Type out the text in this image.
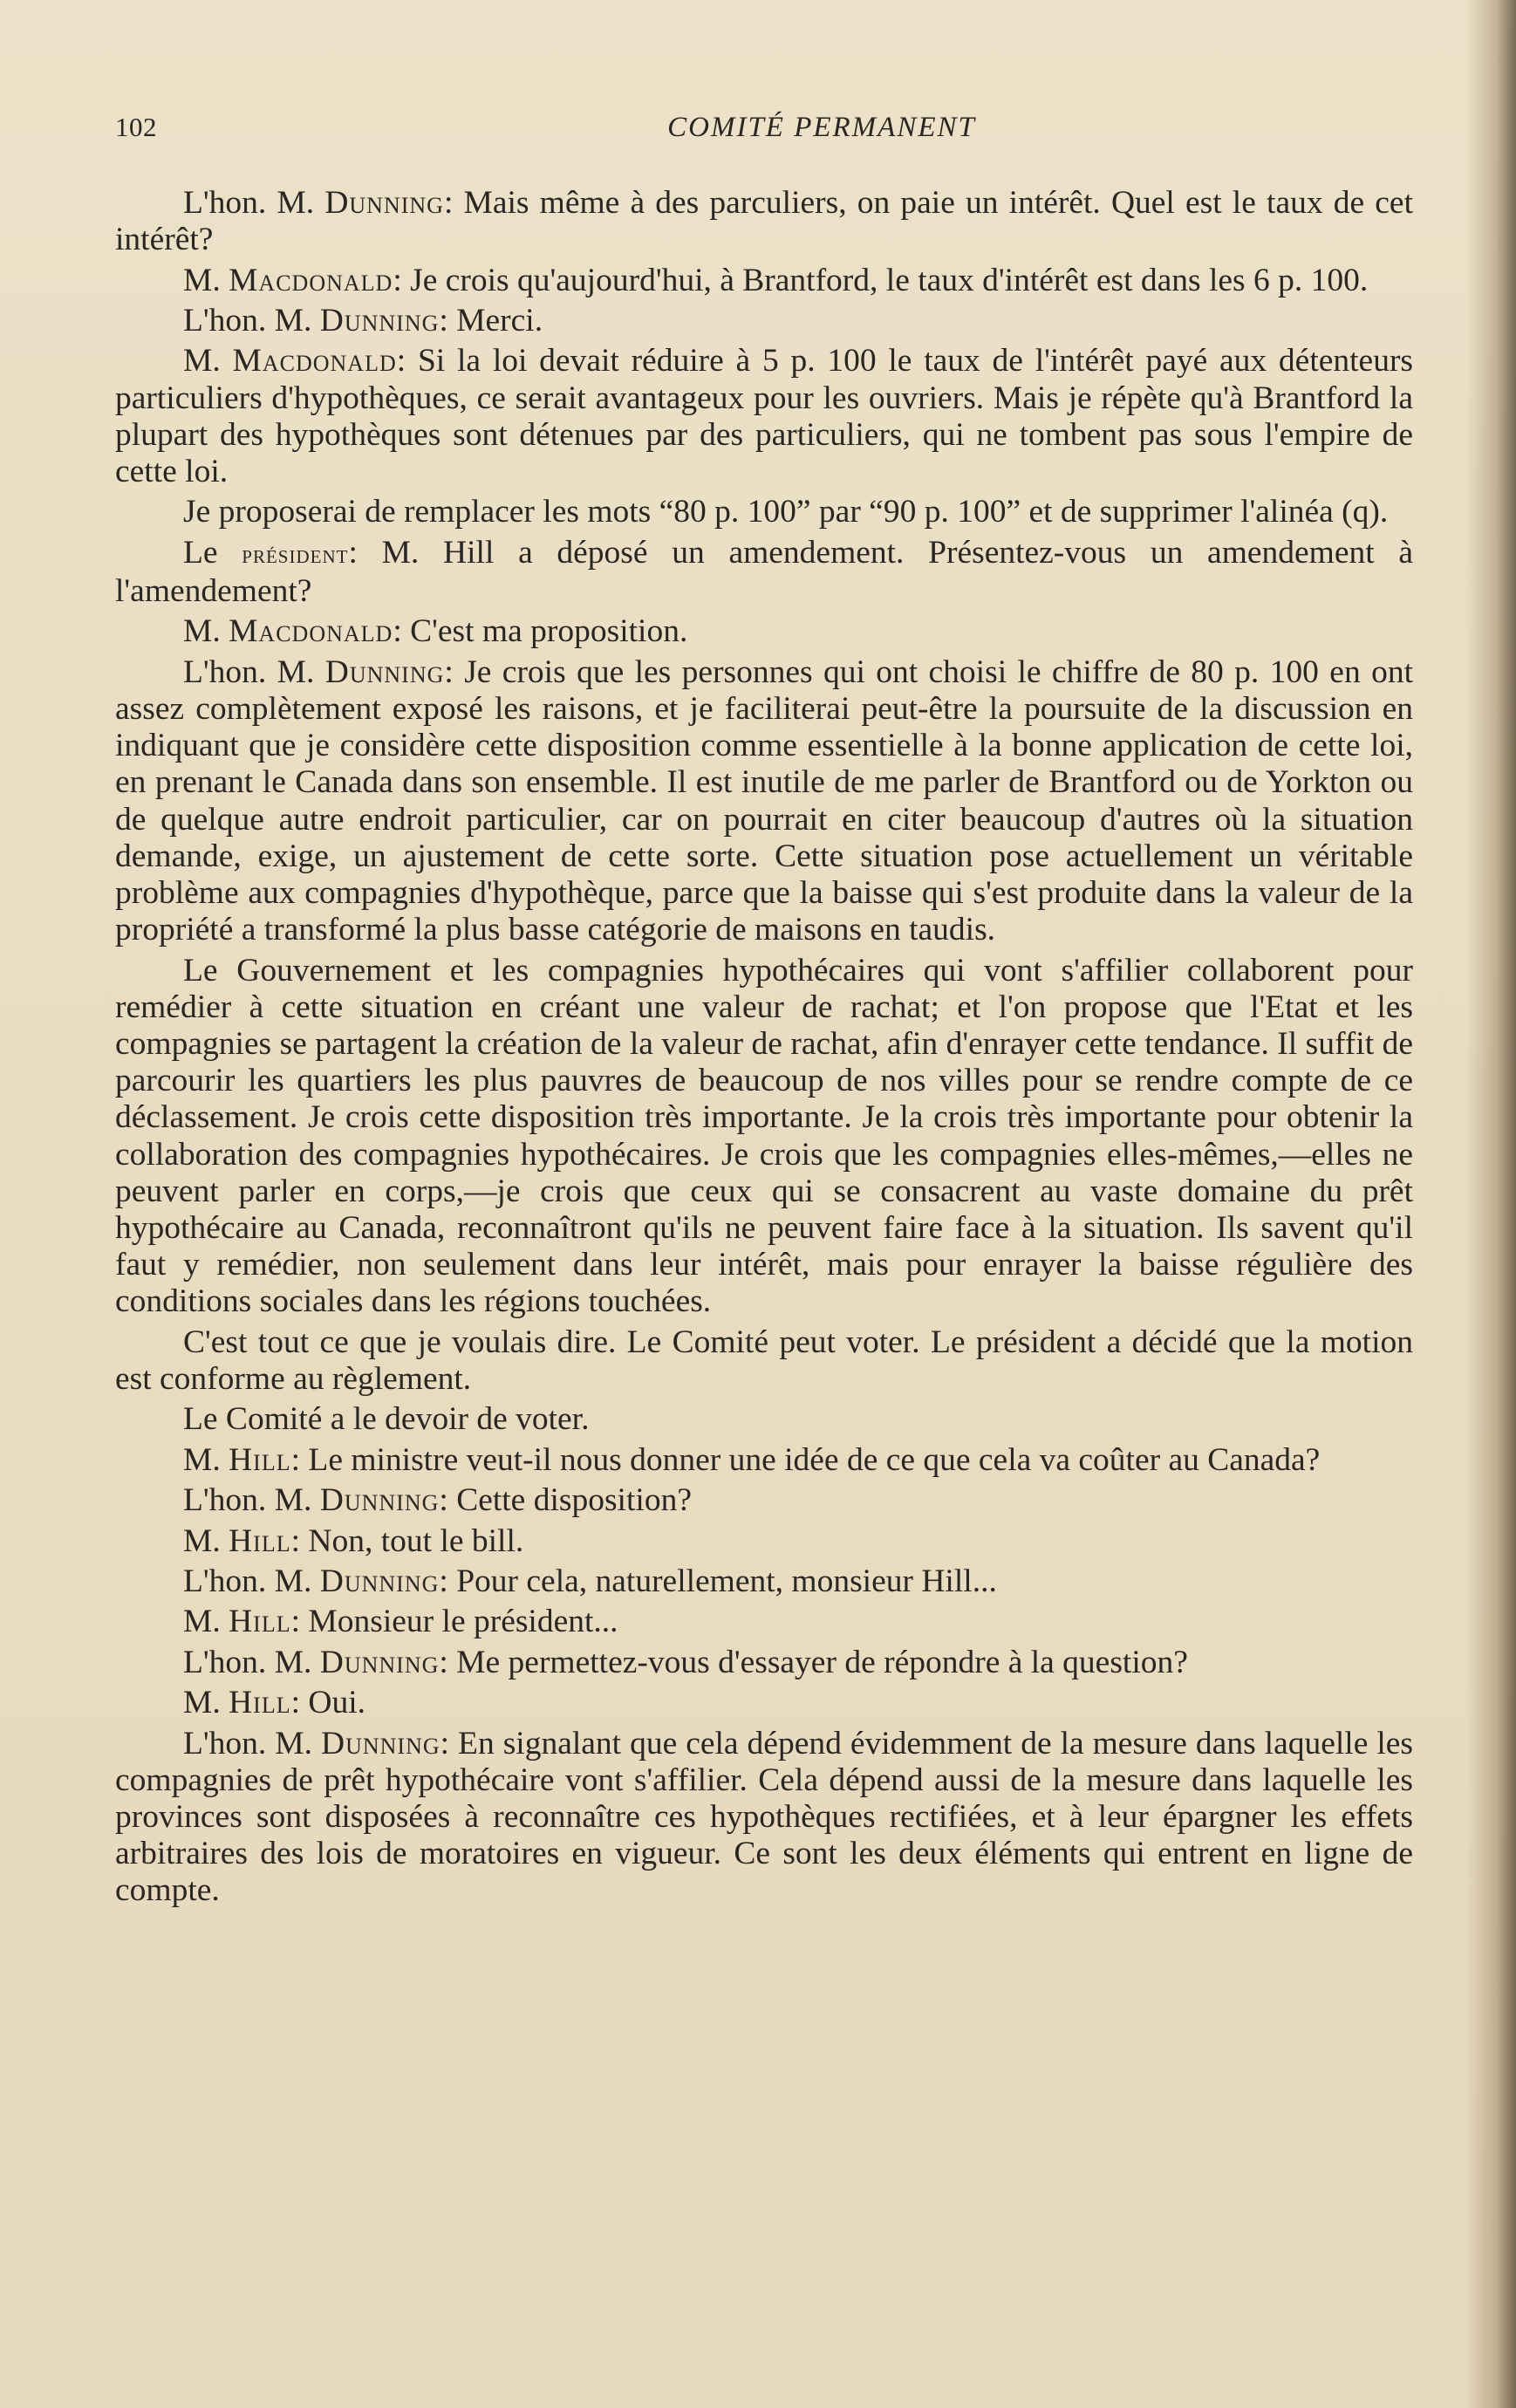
102	COMITÉ PERMANENT

L'hon. M. Dunning: Mais même à des parculiers, on paie un intérêt. Quel est le taux de cet intérêt?

M. Macdonald: Je crois qu'aujourd'hui, à Brantford, le taux d'intérêt est dans les 6 p. 100.

L'hon. M. Dunning: Merci.

M. Macdonald: Si la loi devait réduire à 5 p. 100 le taux de l'intérêt payé aux détenteurs particuliers d'hypothèques, ce serait avantageux pour les ouvriers. Mais je répète qu'à Brantford la plupart des hypothèques sont détenues par des particuliers, qui ne tombent pas sous l'empire de cette loi.

Je proposerai de remplacer les mots “80 p. 100” par “90 p. 100” et de supprimer l'alinéa (q).

Le président: M. Hill a déposé un amendement. Présentez-vous un amendement à l'amendement?

M. Macdonald: C'est ma proposition.

L'hon. M. Dunning: Je crois que les personnes qui ont choisi le chiffre de 80 p. 100 en ont assez complètement exposé les raisons, et je faciliterai peut-être la poursuite de la discussion en indiquant que je considère cette disposition comme essentielle à la bonne application de cette loi, en prenant le Canada dans son ensemble. Il est inutile de me parler de Brantford ou de Yorkton ou de quelque autre endroit particulier, car on pourrait en citer beaucoup d'autres où la situation demande, exige, un ajustement de cette sorte. Cette situation pose actuellement un véritable problème aux compagnies d'hypothèque, parce que la baisse qui s'est produite dans la valeur de la propriété a transformé la plus basse catégorie de maisons en taudis.

Le Gouvernement et les compagnies hypothécaires qui vont s'affilier collaborent pour remédier à cette situation en créant une valeur de rachat; et l'on propose que l'Etat et les compagnies se partagent la création de la valeur de rachat, afin d'enrayer cette tendance. Il suffit de parcourir les quartiers les plus pauvres de beaucoup de nos villes pour se rendre compte de ce déclassement. Je crois cette disposition très importante. Je la crois très importante pour obtenir la collaboration des compagnies hypothécaires. Je crois que les compagnies elles-mêmes,—elles ne peuvent parler en corps,—je crois que ceux qui se consacrent au vaste domaine du prêt hypothécaire au Canada, reconnaîtront qu'ils ne peuvent faire face à la situation. Ils savent qu'il faut y remédier, non seulement dans leur intérêt, mais pour enrayer la baisse régulière des conditions sociales dans les régions touchées.

C'est tout ce que je voulais dire. Le Comité peut voter. Le président a décidé que la motion est conforme au règlement.

Le Comité a le devoir de voter.

M. Hill: Le ministre veut-il nous donner une idée de ce que cela va coûter au Canada?

L'hon. M. Dunning: Cette disposition?

M. Hill: Non, tout le bill.

L'hon. M. Dunning: Pour cela, naturellement, monsieur Hill...

M. Hill: Monsieur le président...

L'hon. M. Dunning: Me permettez-vous d'essayer de répondre à la question?

M. Hill: Oui.

L'hon. M. Dunning: En signalant que cela dépend évidemment de la mesure dans laquelle les compagnies de prêt hypothécaire vont s'affilier. Cela dépend aussi de la mesure dans laquelle les provinces sont disposées à reconnaître ces hypothèques rectifiées, et à leur épargner les effets arbitraires des lois de moratoires en vigueur. Ce sont les deux éléments qui entrent en ligne de compte.
